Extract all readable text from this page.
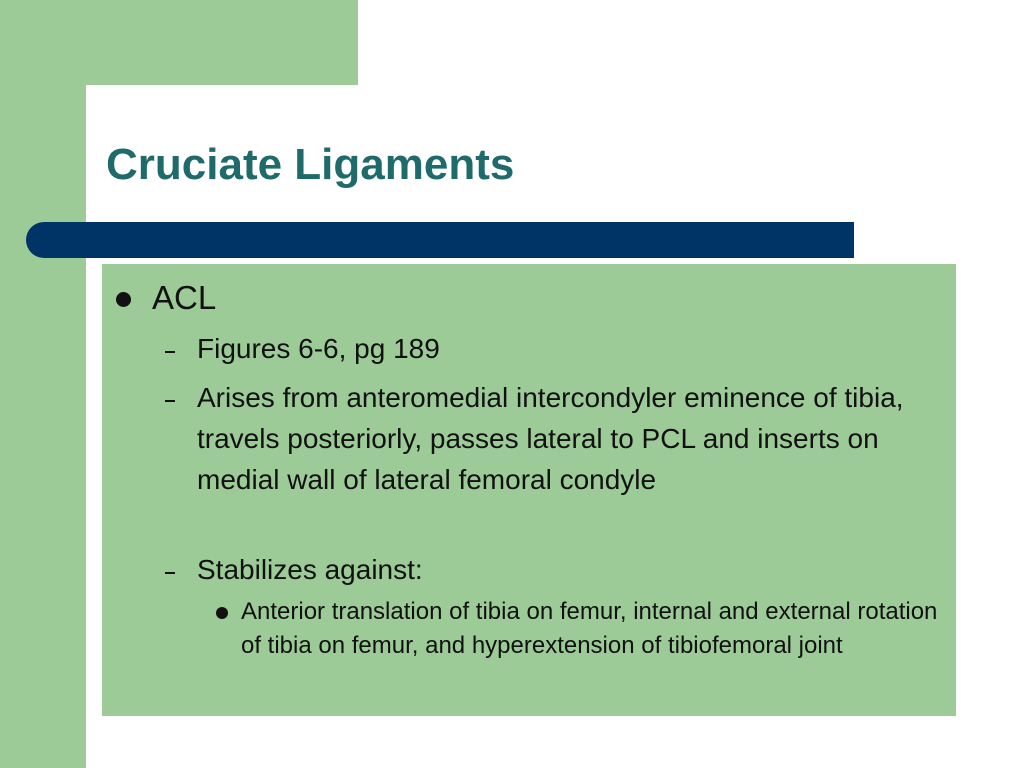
Cruciate Ligaments
ACL
Figures 6-6, pg 189
Arises from anteromedial intercondyler eminence of tibia, travels posteriorly, passes lateral to PCL and inserts on medial wall of lateral femoral condyle
Stabilizes against:
Anterior translation of tibia on femur, internal and external rotation of tibia on femur, and hyperextension of tibiofemoral joint
